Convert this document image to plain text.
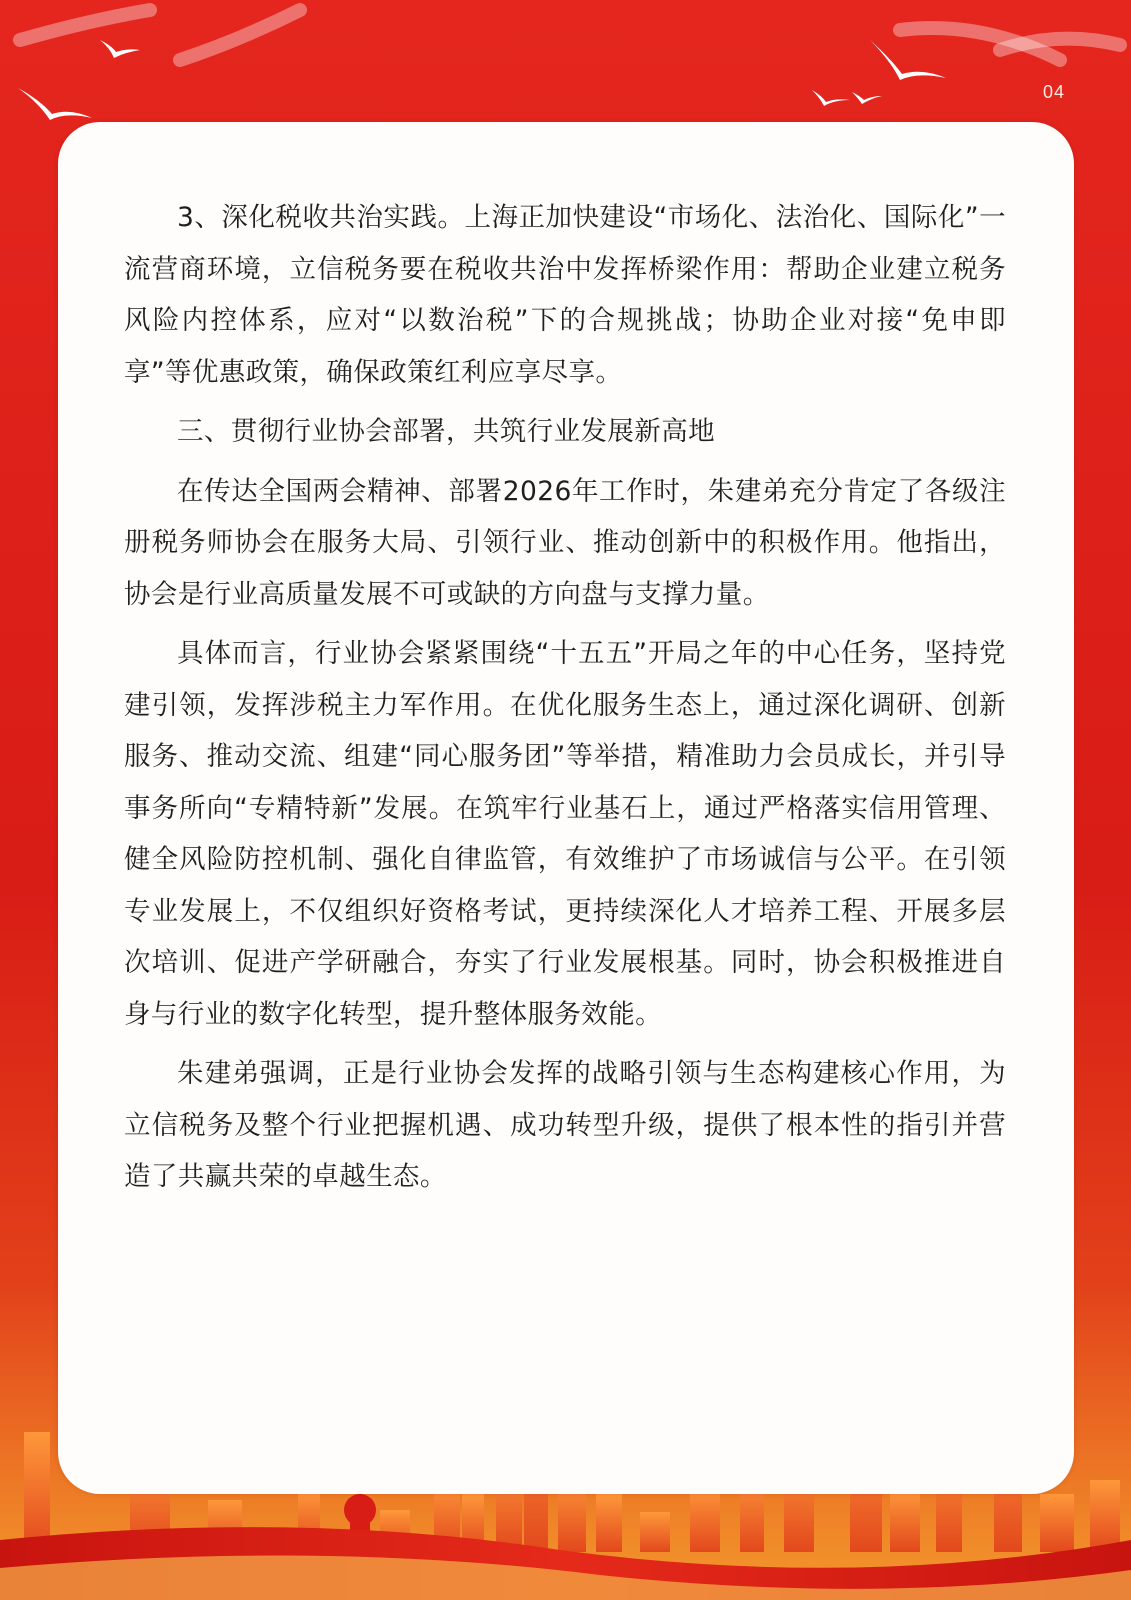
04

3、深化税收共治实践。上海正加快建设“市场化、法治化、国际化”一流营商环境，立信税务要在税收共治中发挥桥梁作用：帮助企业建立税务风险内控体系，应对“以数治税”下的合规挑战；协助企业对接“免申即享”等优惠政策，确保政策红利应享尽享。

三、贯彻行业协会部署，共筑行业发展新高地

在传达全国两会精神、部署2026年工作时，朱建弟充分肯定了各级注册税务师协会在服务大局、引领行业、推动创新中的积极作用。他指出，协会是行业高质量发展不可或缺的方向盘与支撑力量。

具体而言，行业协会紧紧围绕“十五五”开局之年的中心任务，坚持党建引领，发挥涉税主力军作用。在优化服务生态上，通过深化调研、创新服务、推动交流、组建“同心服务团”等举措，精准助力会员成长，并引导事务所向“专精特新”发展。在筑牢行业基石上，通过严格落实信用管理、健全风险防控机制、强化自律监管，有效维护了市场诚信与公平。在引领专业发展上，不仅组织好资格考试，更持续深化人才培养工程、开展多层次培训、促进产学研融合，夯实了行业发展根基。同时，协会积极推进自身与行业的数字化转型，提升整体服务效能。

朱建弟强调，正是行业协会发挥的战略引领与生态构建核心作用，为立信税务及整个行业把握机遇、成功转型升级，提供了根本性的指引并营造了共赢共荣的卓越生态。
